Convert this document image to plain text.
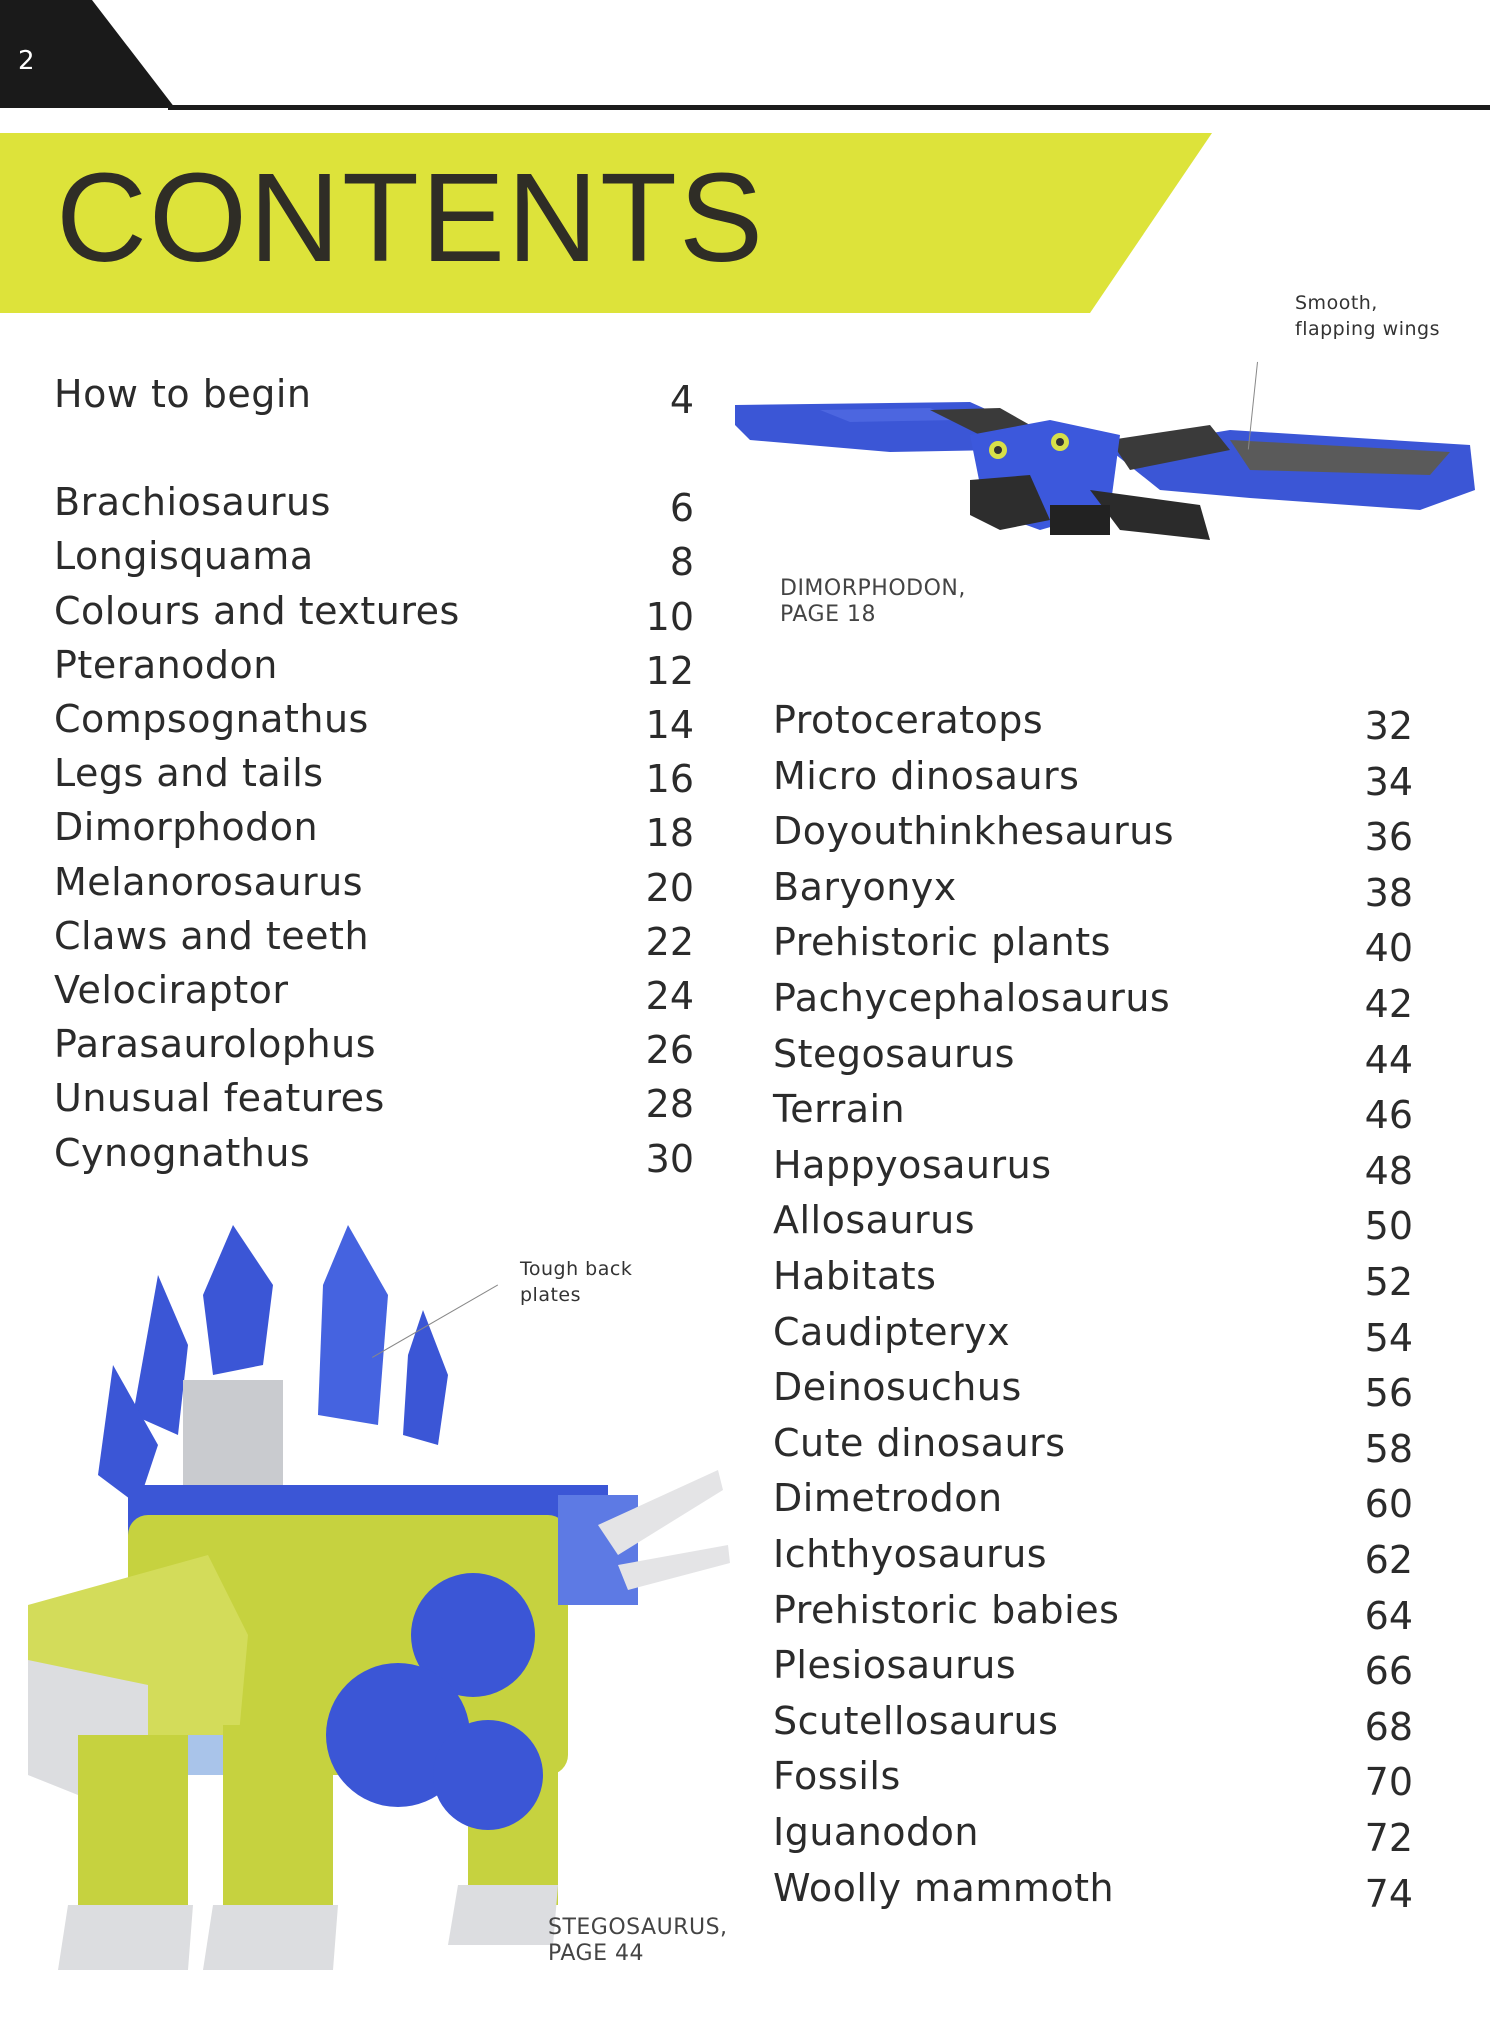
2
CONTENTS
Smooth,
flapping wings
DIMORPHODON,
PAGE 18
Tough back
plates
STEGOSAURUS,
PAGE 44
How to begin	4
Brachiosaurus	6
Longisquama	8
Colours and textures	10
Pteranodon	12
Compsognathus	14
Legs and tails	16
Dimorphodon	18
Melanorosaurus	20
Claws and teeth	22
Velociraptor	24
Parasaurolophus	26
Unusual features	28
Cynognathus	30
Protoceratops	32
Micro dinosaurs	34
Doyouthinkhesaurus	36
Baryonyx	38
Prehistoric plants	40
Pachycephalosaurus	42
Stegosaurus	44
Terrain	46
Happyosaurus	48
Allosaurus	50
Habitats	52
Caudipteryx	54
Deinosuchus	56
Cute dinosaurs	58
Dimetrodon	60
Ichthyosaurus	62
Prehistoric babies	64
Plesiosaurus	66
Scutellosaurus	68
Fossils	70
Iguanodon	72
Woolly mammoth	74
